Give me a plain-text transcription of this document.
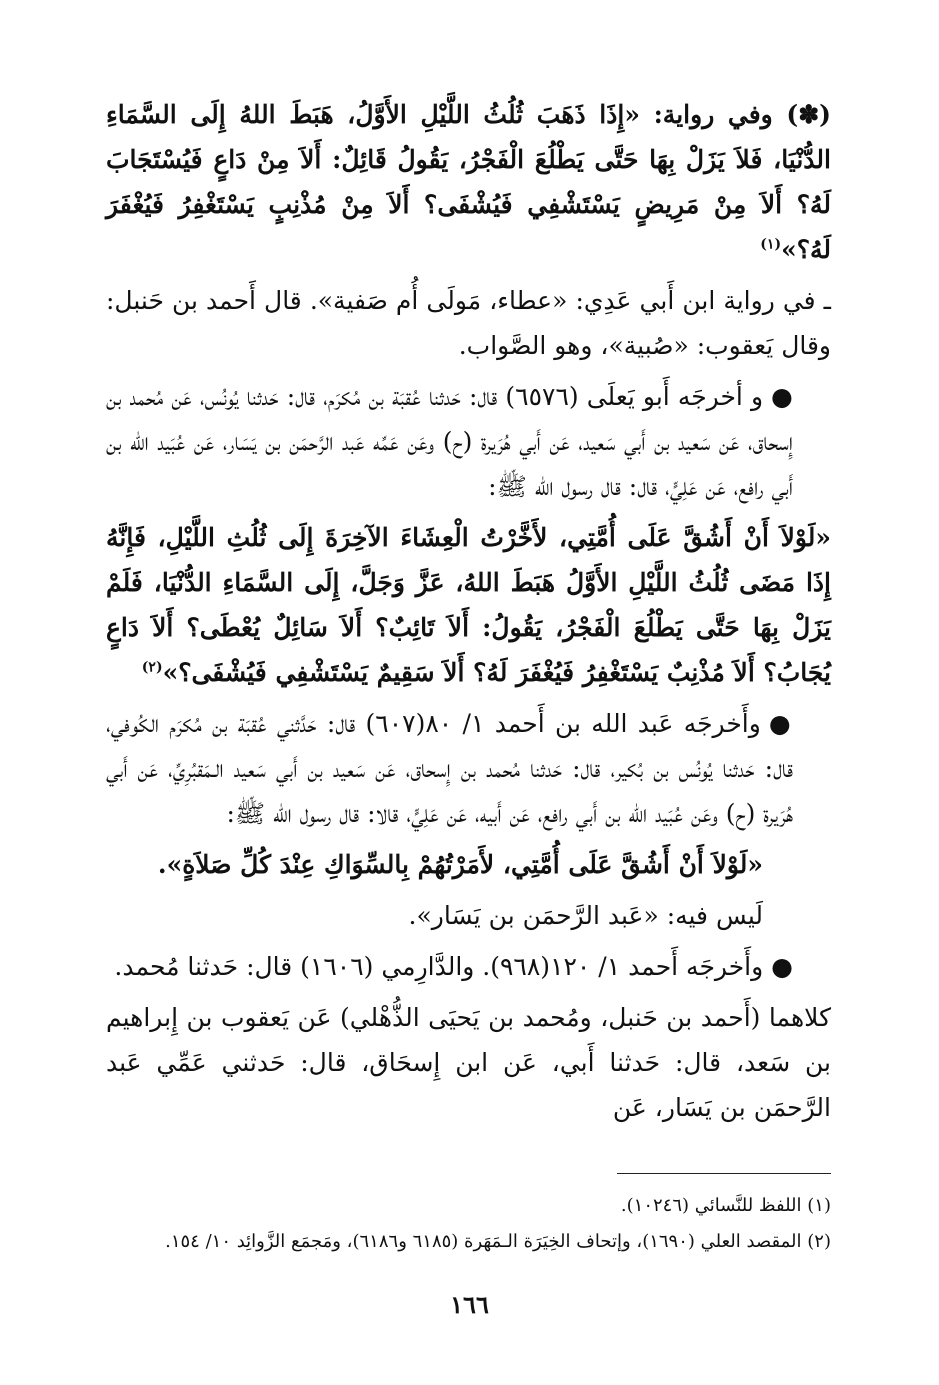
(✽) وفي رواية: «إِذَا ذَهَبَ ثُلُثُ اللَّيْلِ الأَوَّلُ، هَبَطَ اللهُ إِلَى السَّمَاءِ الدُّنْيَا، فَلاَ يَزَلْ بِهَا حَتَّى يَطْلُعَ الْفَجْرُ، يَقُولُ قَائِلٌ: أَلاَ مِنْ دَاعٍ فَيُسْتَجَابَ لَهُ؟ أَلاَ مِنْ مَرِيضٍ يَسْتَشْفِي فَيُشْفَى؟ أَلاَ مِنْ مُذْنِبٍ يَسْتَغْفِرُ فَيُغْفَرَ لَهُ؟»$^{(١)}$

ـ في رواية ابن أَبي عَدِي: «عطاء، مَولَى أُم صَفية». قال أَحمد بن حَنبل: وقال يَعقوب: «صُبية»، وهو الصَّواب.

●و أخرجَه أَبو يَعلَى (٦٥٧٦) قال: حَدثنا عُقبَة بن مُكرَم، قال: حَدثنا يُونُس، عَن مُحمد بن إِسحاق، عَن سَعيد بن أَبي سَعيد، عَن أَبي هُرَيرة (ح) وعَن عَمِّه عَبد الرَّحمَن بن يَسَار، عَن عُبَيد الله بن أَبي رافع، عَن عَلِيٍّ، قال: قال رسول الله ﷺ:

«لَوْلاَ أَنْ أَشُقَّ عَلَى أُمَّتِي، لأَخَّرْتُ الْعِشَاءَ الآخِرَةَ إِلَى ثُلُثِ اللَّيْلِ، فَإِنَّهُ إِذَا مَضَى ثُلُثُ اللَّيْلِ الأَوَّلُ هَبَطَ اللهُ، عَزَّ وَجَلَّ، إِلَى السَّمَاءِ الدُّنْيَا، فَلَمْ يَزَلْ بِهَا حَتَّى يَطْلُعَ الْفَجْرُ، يَقُولُ: أَلاَ تَائِبٌ؟ أَلاَ سَائِلٌ يُعْطَى؟ أَلاَ دَاعٍ يُجَابُ؟ أَلاَ مُذْنِبٌ يَسْتَغْفِرُ فَيُغْفَرَ لَهُ؟ أَلاَ سَقِيمٌ يَسْتَشْفِي فَيُشْفَى؟»$^{(٢)}$

●وأَخرجَه عَبد الله بن أَحمد ١/ ٨٠(٦٠٧) قال: حَدَّثني عُقبَة بن مُكرَم الكُوفي، قال: حَدثنا يُونُس بن بُكير، قال: حَدثنا مُحمد بن إِسحاق، عَن سَعيد بن أَبي سَعيد الـمَقبُرِيِّ، عَن أَبي هُرَيرة (ح) وعَن عُبَيد الله بن أَبي رافع، عَن أَبيه، عَن عَلِيٍّ، قالا: قال رسول الله ﷺ:

«لَوْلاَ أَنْ أَشُقَّ عَلَى أُمَّتِي، لأَمَرْتُهُمْ بِالسِّوَاكِ عِنْدَ كُلِّ صَلاَةٍ».

لَيس فيه: «عَبد الرَّحمَن بن يَسَار».

●وأَخرجَه أَحمد ١/ ١٢٠(٩٦٨). والدَّارِمي (١٦٠٦) قال: حَدثنا مُحمد.

كلاهما (أَحمد بن حَنبل، ومُحمد بن يَحيَى الذُّهْلي) عَن يَعقوب بن إِبراهيم بن سَعد، قال: حَدثنا أَبي، عَن ابن إِسحَاق، قال: حَدثني عَمِّي عَبد الرَّحمَن بن يَسَار، عَن

(١) اللفظ للنَّسائي (١٠٢٤٦).
(٢) المقصد العلي (١٦٩٠)، وإتحاف الخِيَرَة الـمَهَرة (٦١٨٥ و٦١٨٦)، ومَجمَع الزَّوائِد ١٠/ ١٥٤.
١٦٦
